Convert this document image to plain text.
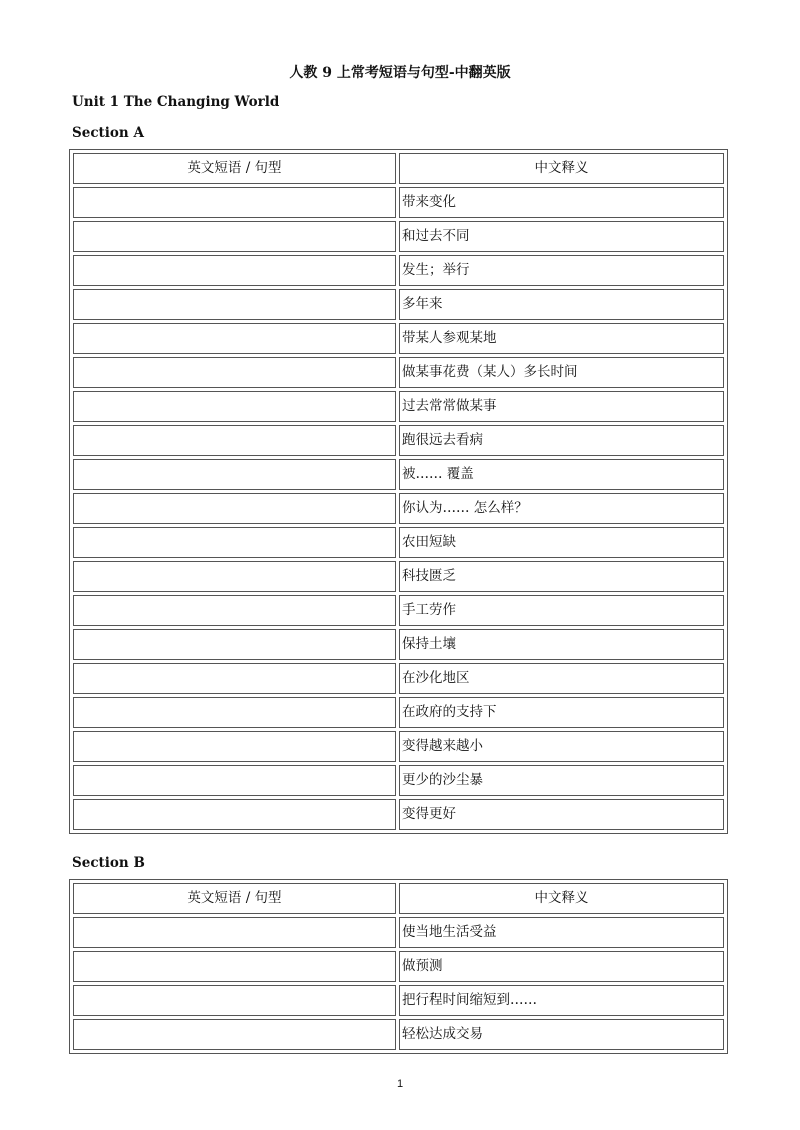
人教 9 上常考短语与句型-中翻英版
Unit 1 The Changing World
Section A
英文短语 / 句型	中文释义
	带来变化
	和过去不同
	发生；举行
	多年来
	带某人参观某地
	做某事花费（某人）多长时间
	过去常常做某事
	跑很远去看病
	被…… 覆盖
	你认为…… 怎么样？
	农田短缺
	科技匮乏
	手工劳作
	保持土壤
	在沙化地区
	在政府的支持下
	变得越来越小
	更少的沙尘暴
	变得更好
Section B
英文短语 / 句型	中文释义
	使当地生活受益
	做预测
	把行程时间缩短到……
	轻松达成交易
1
